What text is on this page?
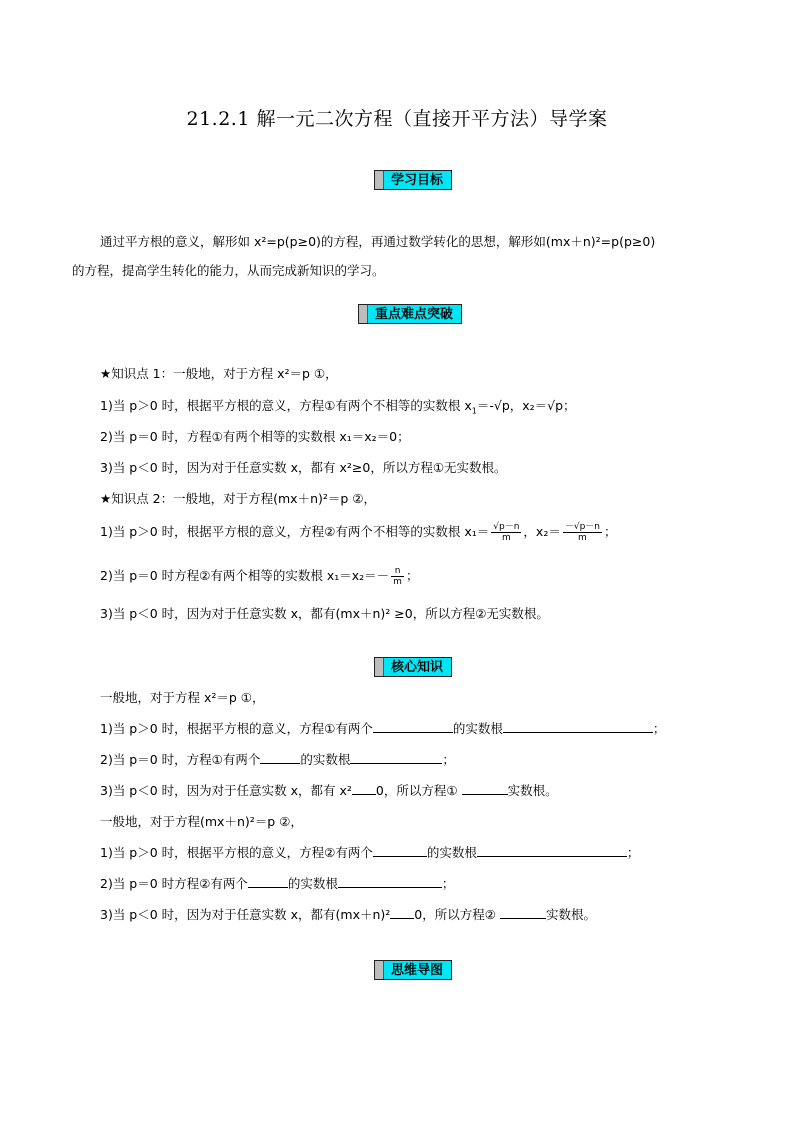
21.2.1 解一元二次方程（直接开平方法）导学案
学习目标
通过平方根的意义，解形如 x²=p(p≥0)的方程，再通过数学转化的思想，解形如(mx＋n)²=p(p≥0)
的方程，提高学生转化的能力，从而完成新知识的学习。
重点难点突破
★知识点 1：一般地，对于方程 x²＝p ①，
1)当 p＞0 时，根据平方根的意义，方程①有两个不相等的实数根 $x_1=-√p$，x₂＝√p；
2)当 p＝0 时，方程①有两个相等的实数根 x₁＝x₂＝0；
3)当 p＜0 时，因为对于任意实数 x，都有 x²≥0，所以方程①无实数根。
★知识点 2：一般地，对于方程(mx＋n)²＝p ②，
1)当 p＞0 时，根据平方根的意义，方程②有两个不相等的实数根 $x_1= \frac{√p-n}{m}$ ，$x_2= \frac{-√p-n}{m}$ ；
2)当 p＝0 时方程②有两个相等的实数根 $x_1=x_2=- \frac{n}{m}$ ；
3)当 p＜0 时，因为对于任意实数 x，都有(mx＋n)² ≥0，所以方程②无实数根。
核心知识
一般地，对于方程 x²＝p ①，
1)当 p＞0 时，根据平方根的意义，方程①有两个	的实数根	；
2)当 p＝0 时，方程①有两个	的实数根	；
3)当 p＜0 时，因为对于任意实数 x，都有 x² 0，所以方程①	实数根。
一般地，对于方程(mx＋n)²＝p ②，
1)当 p＞0 时，根据平方根的意义，方程②有两个	的实数根	；
2)当 p＝0 时方程②有两个	的实数根	；
3)当 p＜0 时，因为对于任意实数 x，都有(mx＋n)² 0，所以方程②	实数根。
思维导图
